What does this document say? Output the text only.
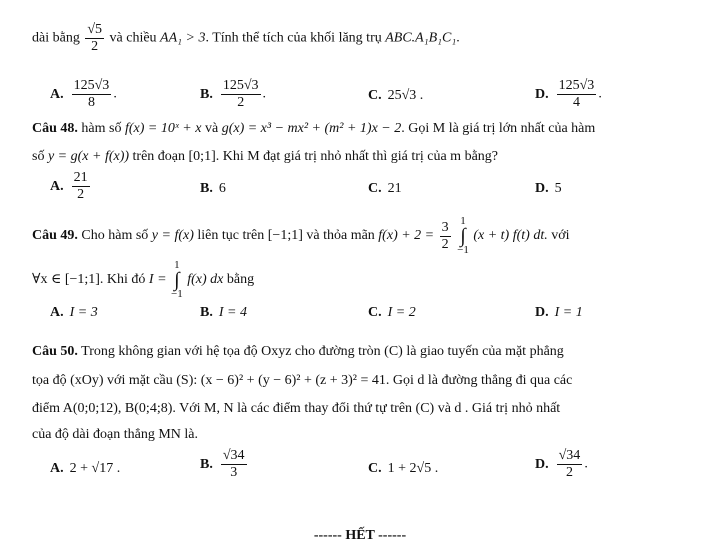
dài bằng $\frac{√5}{2}$ và chiều AA₁ > 3. Tính thể tích của khối lăng trụ ABC.A₁B₁C₁.
A. $\frac{125√3}{8}$ .	B. $\frac{125√3}{2}$ .	C. 25√3 .	D. $\frac{125√3}{4}$ .
Câu 48. hàm số f(x) = 10ˣ + x và g(x) = x³ − mx² + (m² + 1)x − 2. Gọi M là giá trị lớn nhất của hàm
số y = g(x + f(x)) trên đoạn [0;1]. Khi M đạt giá trị nhỏ nhất thì giá trị của m bằng?
A. $\frac{21}{2}$	B. 6	C. 21	D. 5
Câu 49. Cho hàm số y = f(x) liên tục trên [−1;1] và thỏa mãn $f(x) + 2 = \frac{3}{2}$
1
∫
−1
(x + t) f(t) dt. với
∀x ∈ [−1;1]. Khi đó I =
1
∫
−1
f(x) dx bằng
A. I = 3	B. I = 4	C. I = 2	D. I = 1
Câu 50. Trong không gian với hệ tọa độ Oxyz cho đường tròn (C) là giao tuyến của mặt phẳng
tọa độ (xOy) với mặt cầu (S): (x − 6)² + (y − 6)² + (z + 3)² = 41. Gọi d là đường thẳng đi qua các
điểm A(0;0;12), B(0;4;8). Với M, N là các điểm thay đổi thứ tự trên (C) và d . Giá trị nhỏ nhất
của độ dài đoạn thẳng MN là.
A. 2 + √17 .	B. $\frac{√34}{3}$	C. 1 + 2√5 .	D. $\frac{√34}{2}$ .
------ HẾT ------
